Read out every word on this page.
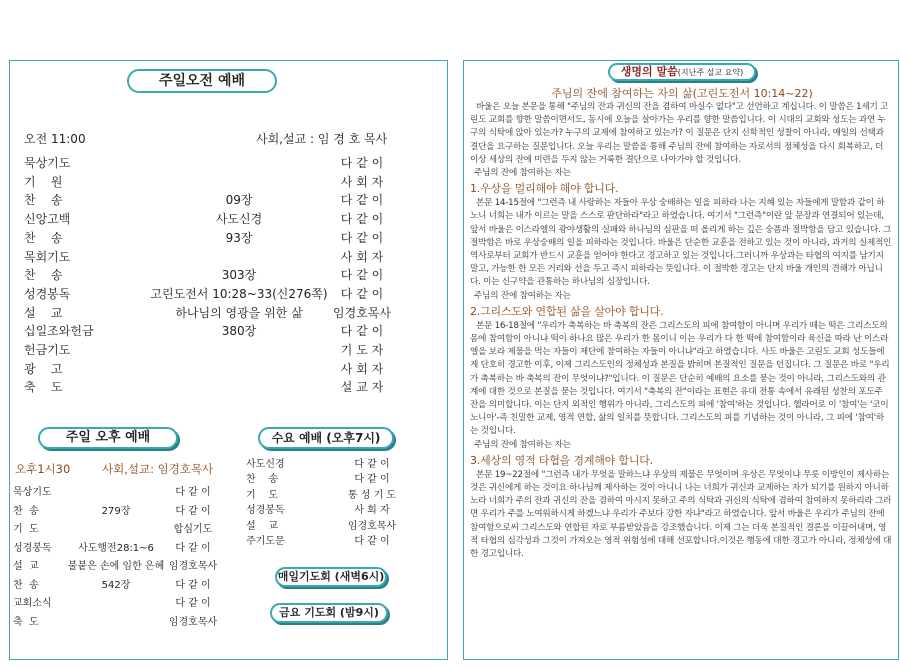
주일오전 예배
오전 11:00	사회,설교 : 임 경 호 목사
묵상기도	다 같 이
기    원	사 회 자
찬    송	09장	다 같 이
신앙고백	사도신경	다 같 이
찬    송	93장	다 같 이
목회기도	사 회 자
찬    송	303장	다 같 이
성경봉독	고린도전서 10:28~33(신276쪽)	다 같 이
설    교	하나님의 영광을 위한 삶	임경호목사
십일조와헌금	380장	다 같 이
헌금기도	기 도 자
광    고	사 회 자
축    도	설 교 자
주일 오후 예배
오후1시30	사회,설교: 임경호목사
묵상기도	다 같 이
찬  송	279장	다 같 이
기  도	합심기도
성경봉독	사도행전28:1~6	다 같 이
설  교	불붙은 손에 임한 은혜 임경호목사
찬  송	542장	다 같 이
교회소식	다 같 이
축  도	임경호목사
수요 예배 (오후7시)
사도신경	다 같 이
찬    송	다 같 이
기    도	통 성 기 도
성경봉독	사 회 자
설    교	임경호목사
주기도문	다 같 이
매일기도회 (새벽6시)
금요 기도회 (밤9시)
생명의 말씀(지난주 설교 요약)
주님의 잔에 참여하는 자의 삶(고린도전서 10:14~22)

바울은 오늘 본문을 통해 "주님의 잔과 귀신의 잔을 겸하여 마실수 없다"고 선언하고 계십니다. 이 말씀은 1세기 고린도 교회를 향한 말씀이면서도, 동시에 오늘을 살아가는 우리를 향한 말씀입니다. 이 시대의 교회와 성도는 과연 누구의 식탁에 앉아 있는가? 누구의 교제에 참여하고 있는가? 이 질문은 단지 신학적인 성찰이 아니라, 매일의 선택과 결단을 요구하는 질문입니다. 오늘 우리는 말씀을 통해 주님의 잔에 참여하는 자로서의 정체성을 다시 회복하고, 더 이상 세상의 잔에 미련을 두지 않는 거룩한 결단으로 나아가야 할 것입니다.

주님의 잔에 참여하는 자는

1.우상을 멀리해야 해야 합니다.

본문 14-15절에 "그런즉 내 사랑하는 자들아 우상 숭배하는 일을 피하라 나는 지혜 있는 자들에게 말함과 같이 하노니 너희는 내가 이르는 말을 스스로 판단하라"라고 하였습니다. 여기서 "그런즉"이란 앞 문장과 연결되어 있는데, 앞서 바울은 이스라엘의 광야생활의 실패와 하나님의 심판을 떠 올리게 하는 깊은 숭픔과 절박함을 담고 있습니다. 그 절박함은 바로 우상숭배의 일을 피하라는 것입니다. 바울은 단순한 교훈을 전하고 있는 것이 아니라, 과거의 실제적인 역사로부터 교회가 반드시 교훈을 얻어야 한다고 경고하고 있는 것입니다.그러니까 우상과는 타협의 여지를 남기지 말고, 가능한 한 모든 거리와 선을 두고 즉시 피하라는 뜻입니다. 이 절박한 경고는 단지 바울 개인의 견해가 아닙니다. 이는 신구약을 관통하는 하나님의 심장입니다.

주님의 잔에 참여하는 자는

2.그리스도와 연합된 삶을 살아야 합니다.

본문 16-18절에 "우리가 축복하는 바 축복의 잔은 그리스도의 피에 참여함이 아니며 우리가 떼는 떡은 그리스도의 몸에 참여함이 아니냐 떡이 하나요 많은 우리가 한 몸이니 이는 우리가 다 한 떡에 참여함이라 육신을 따라 난 이스라엘을 보라 제물을 먹는 자들이 제단에 참여하는 자들이 아니냐"라고 하였습니다. 사도 바울은 고린도 교회 성도들에게 단호히 경고한 이후, 이제 그리스도인의 정체성과 본질을 밝히며 본질적인 질문을 던집니다. 그 질문은 바로 "우리가 축복하는 바 축복의 잔이 무엇이냐?"입니다. 이 질문은 단순히 예배의 요소를 묻는 것이 아니라, 그리스도와의 관계에 대한 것으로 본질을 묻는 것입니다. 여기서 "축복의 잔"이라는 표현은 유대 전통 속에서 유래된 성찬의 포도주 잔을 의미합니다. 이는 단지 외적인 행위가 아니라, 그리스도의 피에 '참여'하는 것입니다. 헬라어로 이 '참여'는 '코이노니아'-즉 친밀한 교제, 영적 연합, 삶의 일치를 뜻합니다. 그리스도의 피를 기념하는 것이 아니라, 그 피에 '참여'하는 것입니다.

주님의 잔에 참여하는 자는

3.세상의 영적 타협을 경계해야 합니다.

본문 19~22절에 "그런즉 내가 무엇을 말하느냐 우상의 제물은 무엇이며 우상은 무엇이냐 무릇 이방인이 제사하는 것은 귀신에게 하는 것이요 하나님께 제사하는 것이 아니니 나는 너희가 귀신과 교제하는 자가 되기를 원하지 아니하노라 너희가 주의 잔과 귀신의 잔을 겸하여 마시지 못하고 주의 식탁과 귀신의 식탁에 겸하여 참여하지 못하리라 그러면 우리가 주를 노여워하시게 하겠느냐 우리가 주보다 강한 자냐"라고 하였습니다. 앞서 바울은 우리가 주님의 잔에 참여함으로써 그리스도와 연합된 자로 부름받았음을 강조했습니다. 이제 그는 더욱 본질적인 결론을 이끌어내며, 영적 타협의 심각성과 그것이 가져오는 영적 위험성에 대해 선포합니다.이것은 행동에 대한 경고가 아니라, 정체성에 대한 경고입니다.
